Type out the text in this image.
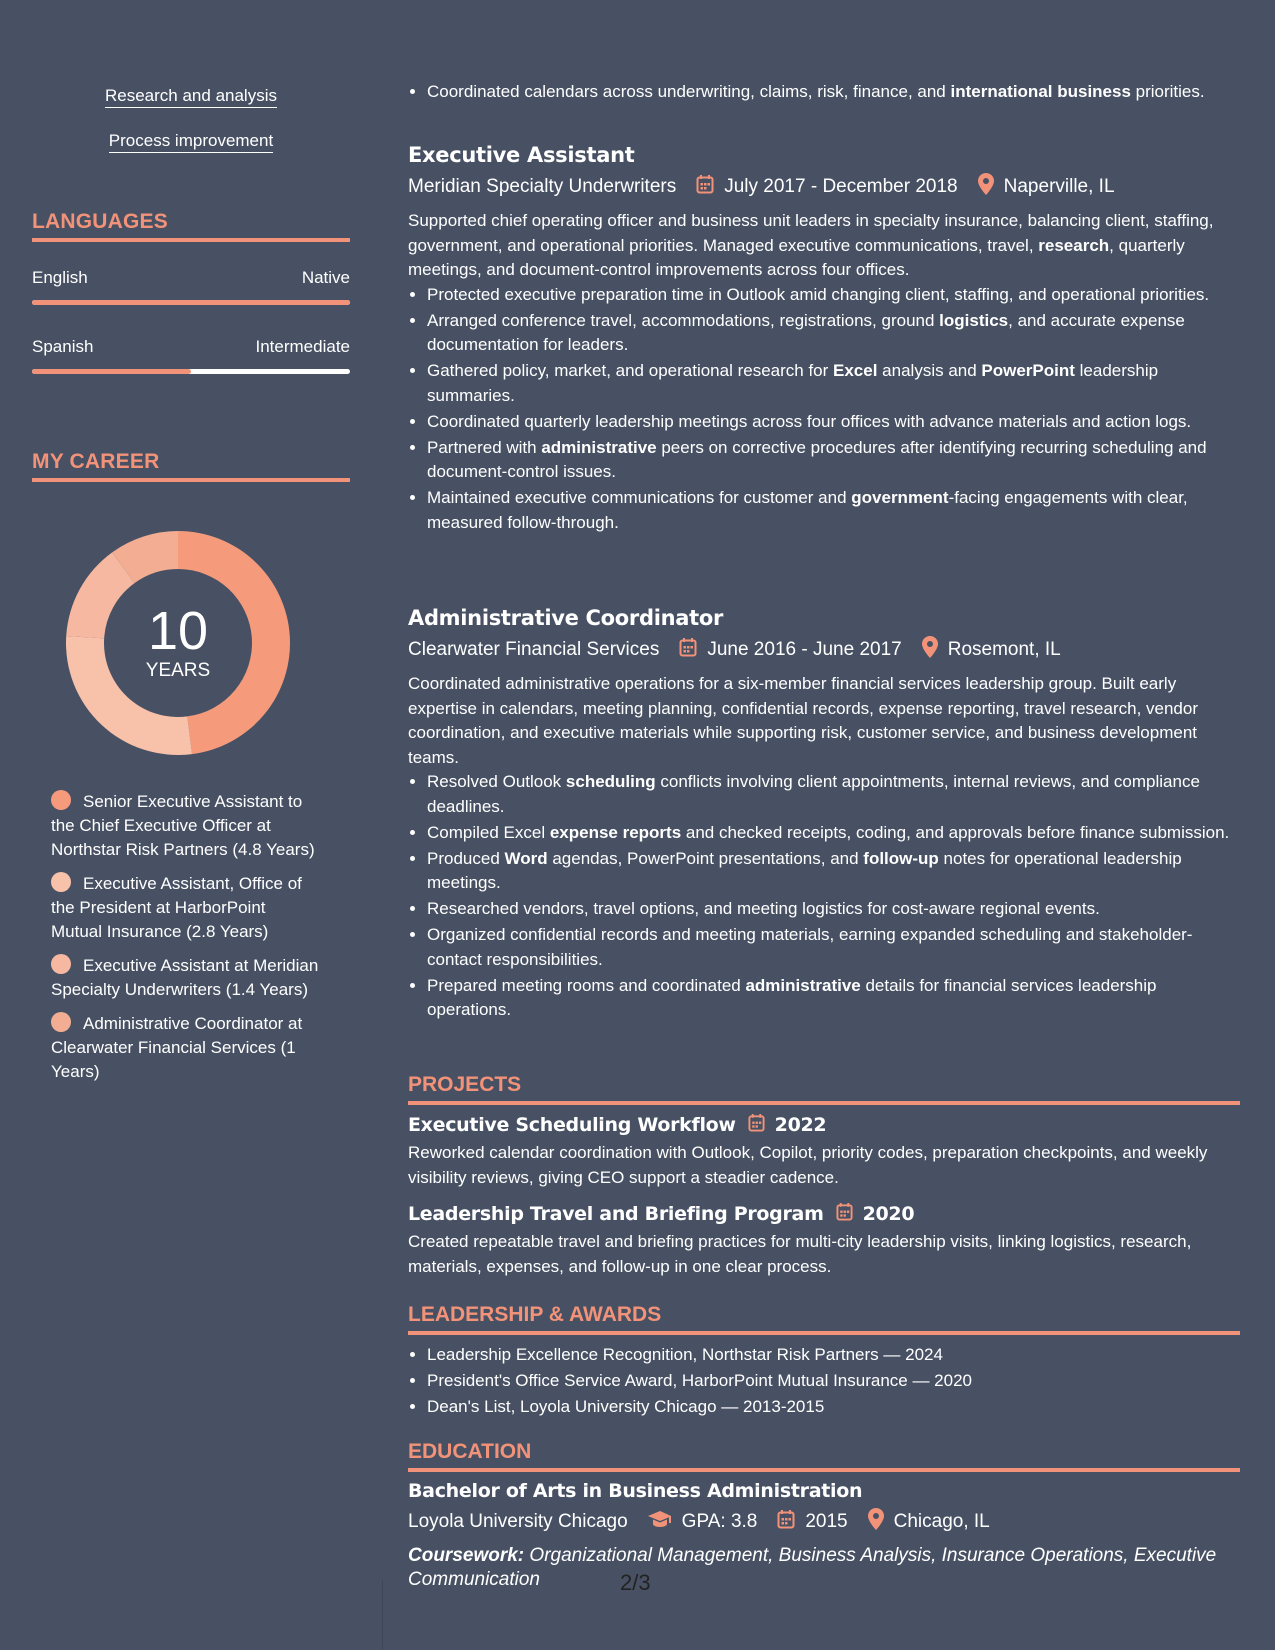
Research and analysis
Process improvement
LANGUAGES
English	Native
Spanish	Intermediate
MY CAREER
10
YEARS
Senior Executive Assistant to the Chief Executive Officer at Northstar Risk Partners (4.8 Years)
Executive Assistant, Office of the President at HarborPoint Mutual Insurance (2.8 Years)
Executive Assistant at Meridian Specialty Underwriters (1.4 Years)
Administrative Coordinator at Clearwater Financial Services (1 Years)
• Coordinated calendars across underwriting, claims, risk, finance, and international business priorities.
Executive Assistant
Meridian Specialty Underwriters	July 2017 - December 2018 Naperville, IL
Supported chief operating officer and business unit leaders in specialty insurance, balancing client, staffing, government, and operational priorities. Managed executive communications, travel, research, quarterly meetings, and document-control improvements across four offices.
• Protected executive preparation time in Outlook amid changing client, staffing, and operational priorities.
• Arranged conference travel, accommodations, registrations, ground logistics, and accurate expense documentation for leaders.
• Gathered policy, market, and operational research for Excel analysis and PowerPoint leadership summaries.
• Coordinated quarterly leadership meetings across four offices with advance materials and action logs.
• Partnered with administrative peers on corrective procedures after identifying recurring scheduling and document-control issues.
• Maintained executive communications for customer and government-facing engagements with clear, measured follow-through.
Administrative Coordinator
Clearwater Financial Services	June 2016 - June 2017 Rosemont, IL
Coordinated administrative operations for a six-member financial services leadership group. Built early expertise in calendars, meeting planning, confidential records, expense reporting, travel research, vendor coordination, and executive materials while supporting risk, customer service, and business development teams.
• Resolved Outlook scheduling conflicts involving client appointments, internal reviews, and compliance deadlines.
• Compiled Excel expense reports and checked receipts, coding, and approvals before finance submission.
• Produced Word agendas, PowerPoint presentations, and follow-up notes for operational leadership meetings.
• Researched vendors, travel options, and meeting logistics for cost-aware regional events.
• Organized confidential records and meeting materials, earning expanded scheduling and stakeholder-contact responsibilities.
• Prepared meeting rooms and coordinated administrative details for financial services leadership operations.
PROJECTS
Executive Scheduling Workflow 2022
Reworked calendar coordination with Outlook, Copilot, priority codes, preparation checkpoints, and weekly visibility reviews, giving CEO support a steadier cadence.
Leadership Travel and Briefing Program 2020
Created repeatable travel and briefing practices for multi-city leadership visits, linking logistics, research, materials, expenses, and follow-up in one clear process.
LEADERSHIP & AWARDS
• Leadership Excellence Recognition, Northstar Risk Partners — 2024
• President's Office Service Award, HarborPoint Mutual Insurance — 2020
• Dean's List, Loyola University Chicago — 2013-2015
EDUCATION
Bachelor of Arts in Business Administration
Loyola University Chicago	GPA: 3.8	2015 Chicago, IL
Coursework: Organizational Management, Business Analysis, Insurance Operations, Executive Communication	2/3
